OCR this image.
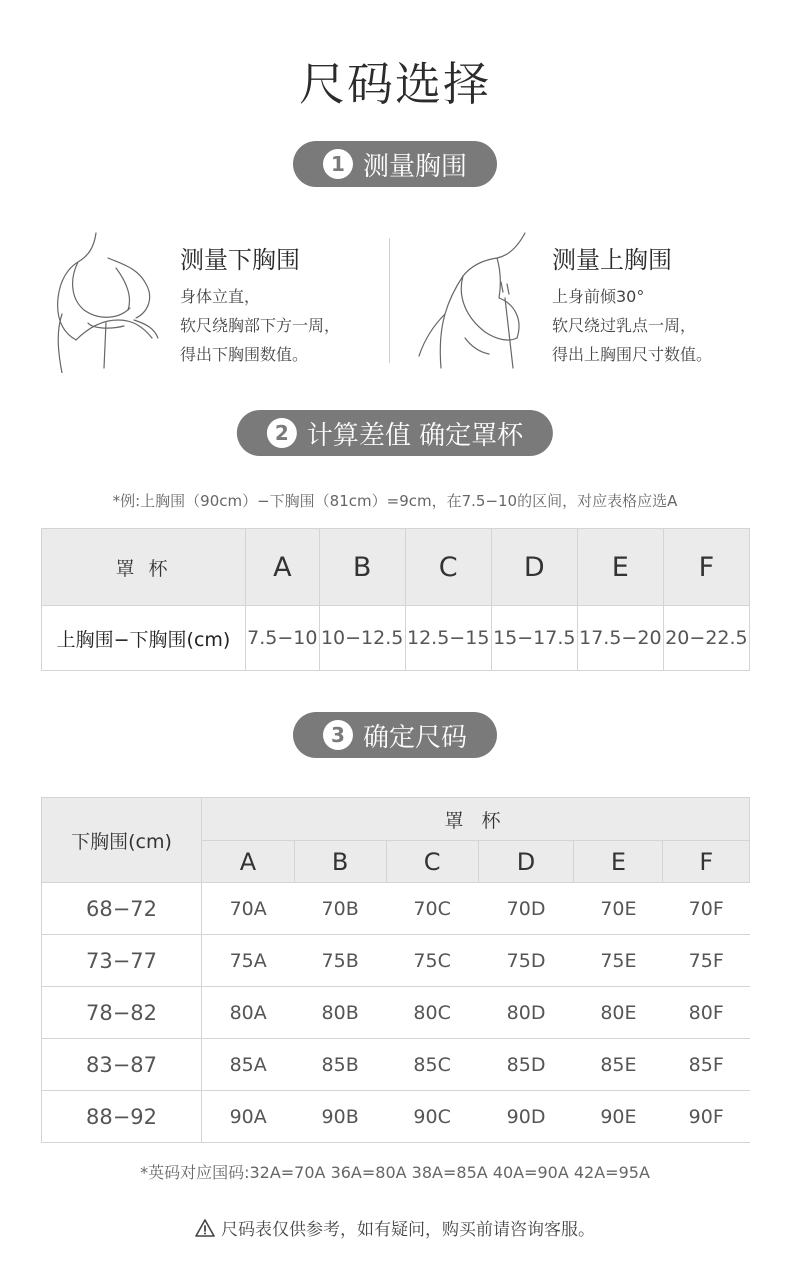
尺码选择
1 测量胸围
测量下胸围
身体立直，
软尺绕胸部下方一周，
得出下胸围数值。
测量上胸围
上身前倾30°
软尺绕过乳点一周，
得出上胸围尺寸数值。
2 计算差值 确定罩杯
*例:上胸围（90cm）−下胸围（81cm）=9cm，在7.5−10的区间，对应表格应选A
罩 杯	A	B	C	D	E	F
上胸围−下胸围(cm)	7.5−10	10−12.5	12.5−15	15−17.5	17.5−20	20−22.5
3 确定尺码
下胸围(cm)	罩 杯					
	A	B	C	D	E	F
68−72	70A	70B	70C	70D	70E	70F
73−77	75A	75B	75C	75D	75E	75F
78−82	80A	80B	80C	80D	80E	80F
83−87	85A	85B	85C	85D	85E	85F
88−92	90A	90B	90C	90D	90E	90F
*英码对应国码:32A=70A 36A=80A 38A=85A 40A=90A 42A=95A
尺码表仅供参考，如有疑问，购买前请咨询客服。
